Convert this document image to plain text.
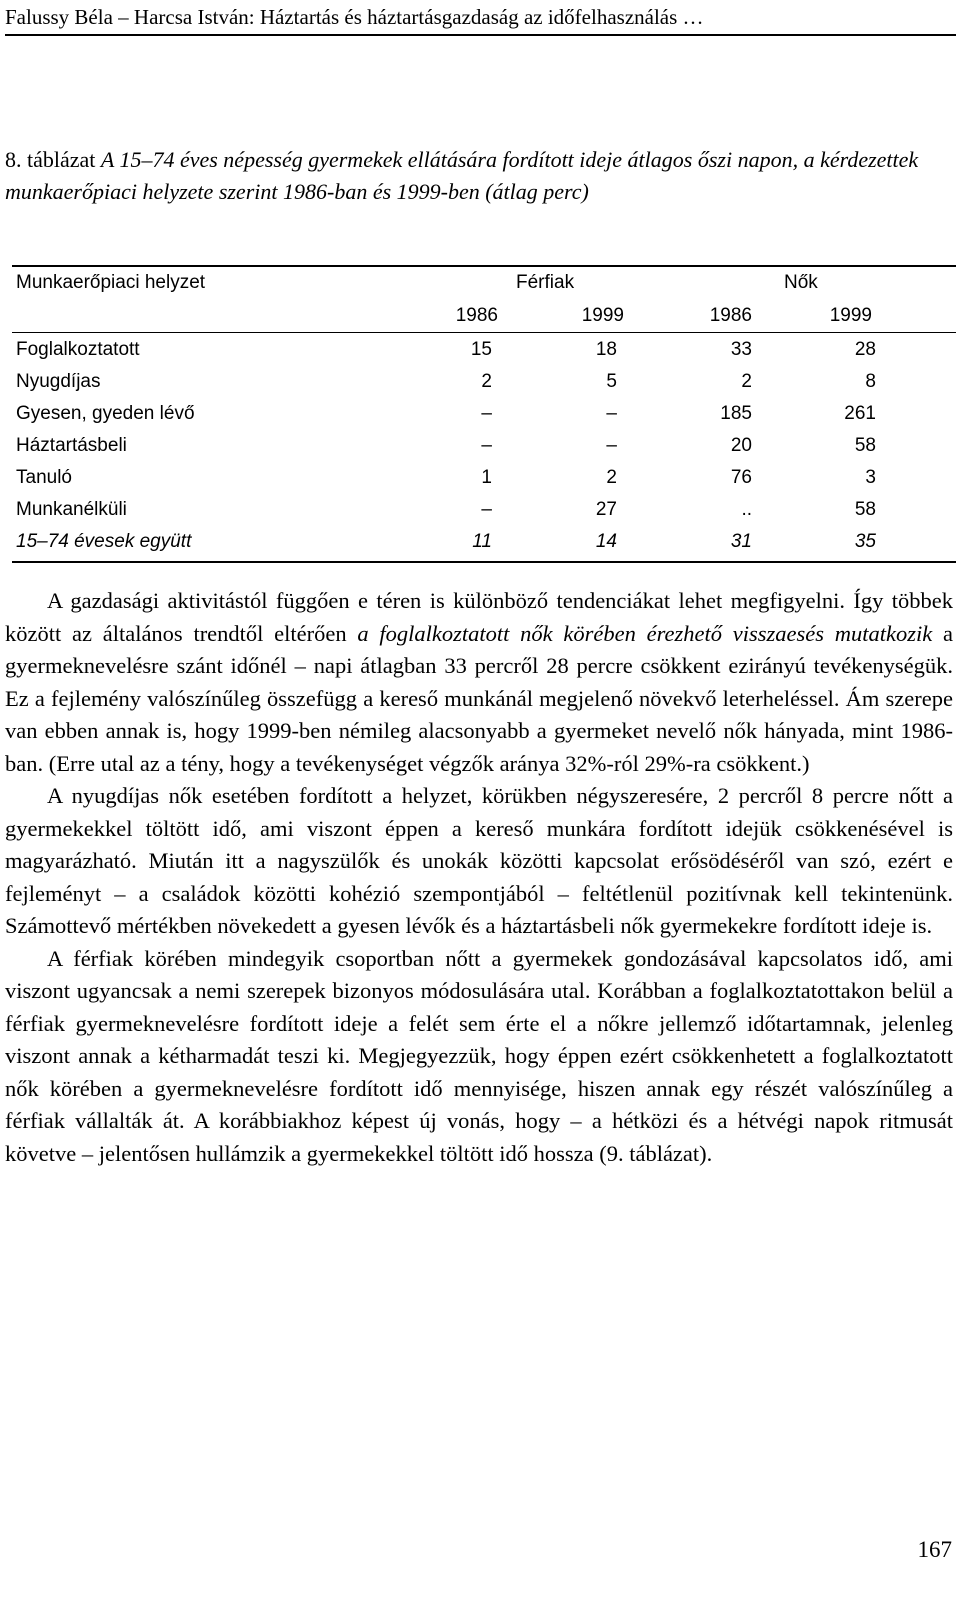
Falussy Béla – Harcsa István: Háztartás és háztartásgazdaság az időfelhasználás …
8. táblázat A 15–74 éves népesség gyermekek ellátására fordított ideje átlagos őszi napon, a kérdezettek munkaerőpiaci helyzete szerint 1986-ban és 1999-ben (átlag perc)
Munkaerőpiaci helyzet	Férfiak	Nők
1986	1999	1986	1999
Foglalkoztatott	15	18	33	28
Nyugdíjas	2	5	2	8
Gyesen, gyeden lévő	–	–	185	261
Háztartásbeli	–	–	20	58
Tanuló	1	2	76	3
Munkanélküli	–	27	..	58
15–74 évesek együtt	11	14	31	35

A gazdasági aktivitástól függően e téren is különböző tendenciákat lehet megfigyelni. Így többek között az általános trendtől eltérően a foglalkoztatott nők körében érezhető visszaesés mutatkozik a gyermeknevelésre szánt időnél – napi átlagban 33 percről 28 percre csökkent ezirányú tevékenységük. Ez a fejlemény valószínűleg összefügg a kereső munkánál megjelenő növekvő leterheléssel. Ám szerepe van ebben annak is, hogy 1999-ben némileg alacsonyabb a gyermeket nevelő nők hányada, mint 1986-ban. (Erre utal az a tény, hogy a tevékenységet végzők aránya 32%-ról 29%-ra csökkent.)

A nyugdíjas nők esetében fordított a helyzet, körükben négyszeresére, 2 percről 8 percre nőtt a gyermekekkel töltött idő, ami viszont éppen a kereső munkára fordított idejük csökkenésével is magyarázható. Miután itt a nagyszülők és unokák közötti kapcsolat erősödéséről van szó, ezért e fejleményt – a családok közötti kohézió szempontjából – feltétlenül pozitívnak kell tekintenünk. Számottevő mértékben növekedett a gyesen lévők és a háztartásbeli nők gyermekekre fordított ideje is.

A férfiak körében mindegyik csoportban nőtt a gyermekek gondozásával kapcsolatos idő, ami viszont ugyancsak a nemi szerepek bizonyos módosulására utal. Korábban a foglalkoztatottakon belül a férfiak gyermeknevelésre fordított ideje a felét sem érte el a nőkre jellemző időtartamnak, jelenleg viszont annak a kétharmadát teszi ki. Megjegyezzük, hogy éppen ezért csökkenhetett a foglalkoztatott nők körében a gyermeknevelésre fordított idő mennyisége, hiszen annak egy részét valószínűleg a férfiak vállalták át. A korábbiakhoz képest új vonás, hogy – a hétközi és a hétvégi napok ritmusát követve – jelentősen hullámzik a gyermekekkel töltött idő hossza (9. táblázat).

167
